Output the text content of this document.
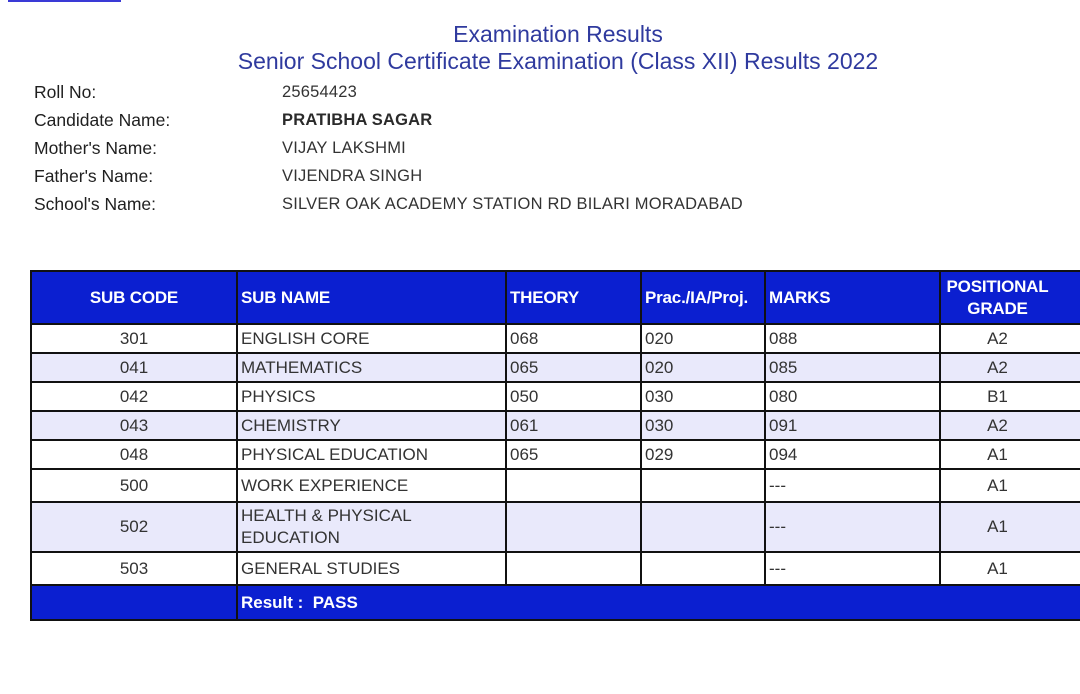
Examination Results
Senior School Certificate Examination (Class XII) Results 2022
Roll No:	25654423
Candidate Name:	PRATIBHA SAGAR
Mother's Name:	VIJAY LAKSHMI
Father's Name:	VIJENDRA SINGH
School's Name:	SILVER OAK ACADEMY STATION RD BILARI MORADABAD
SUB CODE	SUB NAME	THEORY	Prac./IA/Proj.	MARKS	POSITIONAL GRADE
301	ENGLISH CORE	068	020	088	A2
041	MATHEMATICS	065	020	085	A2
042	PHYSICS	050	030	080	B1
043	CHEMISTRY	061	030	091	A2
048	PHYSICAL EDUCATION	065	029	094	A1
500	WORK EXPERIENCE			---	A1
502	HEALTH & PHYSICAL EDUCATION			---	A1
503	GENERAL STUDIES			---	A1
	Result : PASS				
